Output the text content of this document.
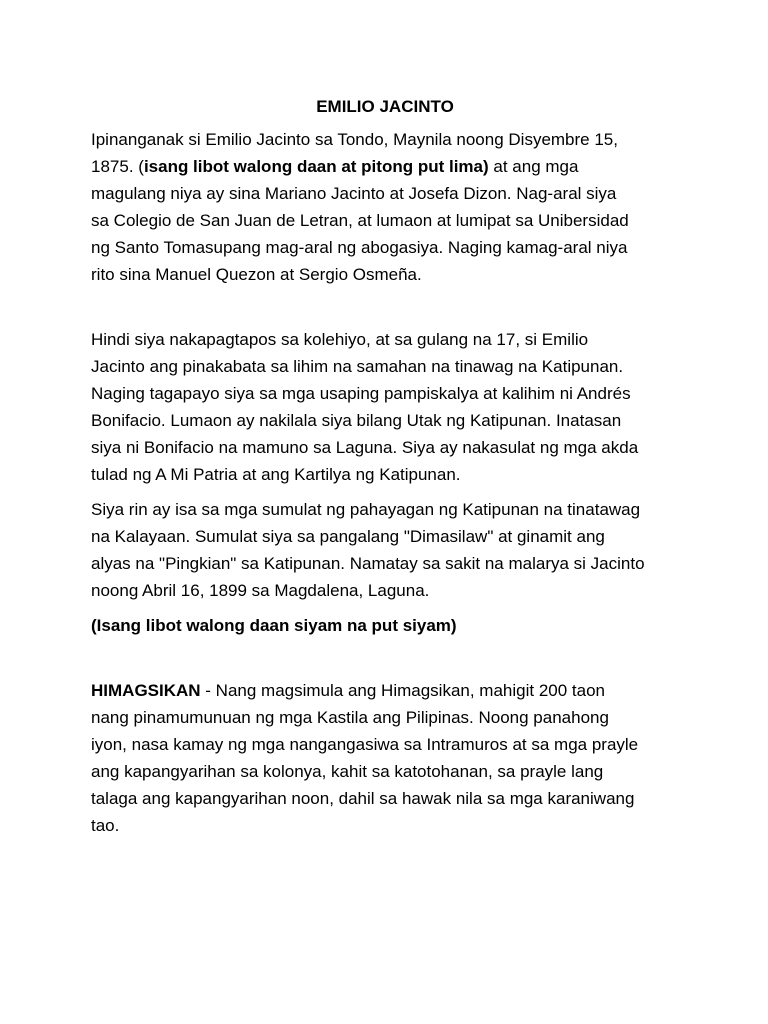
EMILIO JACINTO

Ipinanganak si Emilio Jacinto sa Tondo, Maynila noong Disyembre 15,
1875. (isang libot walong daan at pitong put lima) at ang mga
magulang niya ay sina Mariano Jacinto at Josefa Dizon. Nag-aral siya
sa Colegio de San Juan de Letran, at lumaon at lumipat sa Unibersidad
ng Santo Tomasupang mag-aral ng abogasiya. Naging kamag-aral niya
rito sina Manuel Quezon at Sergio Osmeña.

Hindi siya nakapagtapos sa kolehiyo, at sa gulang na 17, si Emilio
Jacinto ang pinakabata sa lihim na samahan na tinawag na Katipunan.
Naging tagapayo siya sa mga usaping pampiskalya at kalihim ni Andrés
Bonifacio. Lumaon ay nakilala siya bilang Utak ng Katipunan. Inatasan
siya ni Bonifacio na mamuno sa Laguna. Siya ay nakasulat ng mga akda
tulad ng A Mi Patria at ang Kartilya ng Katipunan.

Siya rin ay isa sa mga sumulat ng pahayagan ng Katipunan na tinatawag
na Kalayaan. Sumulat siya sa pangalang "Dimasilaw" at ginamit ang
alyas na "Pingkian" sa Katipunan. Namatay sa sakit na malarya si Jacinto
noong Abril 16, 1899 sa Magdalena, Laguna.

(Isang libot walong daan siyam na put siyam)

HIMAGSIKAN - Nang magsimula ang Himagsikan, mahigit 200 taon
nang pinamumunuan ng mga Kastila ang Pilipinas. Noong panahong
iyon, nasa kamay ng mga nangangasiwa sa Intramuros at sa mga prayle
ang kapangyarihan sa kolonya, kahit sa katotohanan, sa prayle lang
talaga ang kapangyarihan noon, dahil sa hawak nila sa mga karaniwang
tao.
